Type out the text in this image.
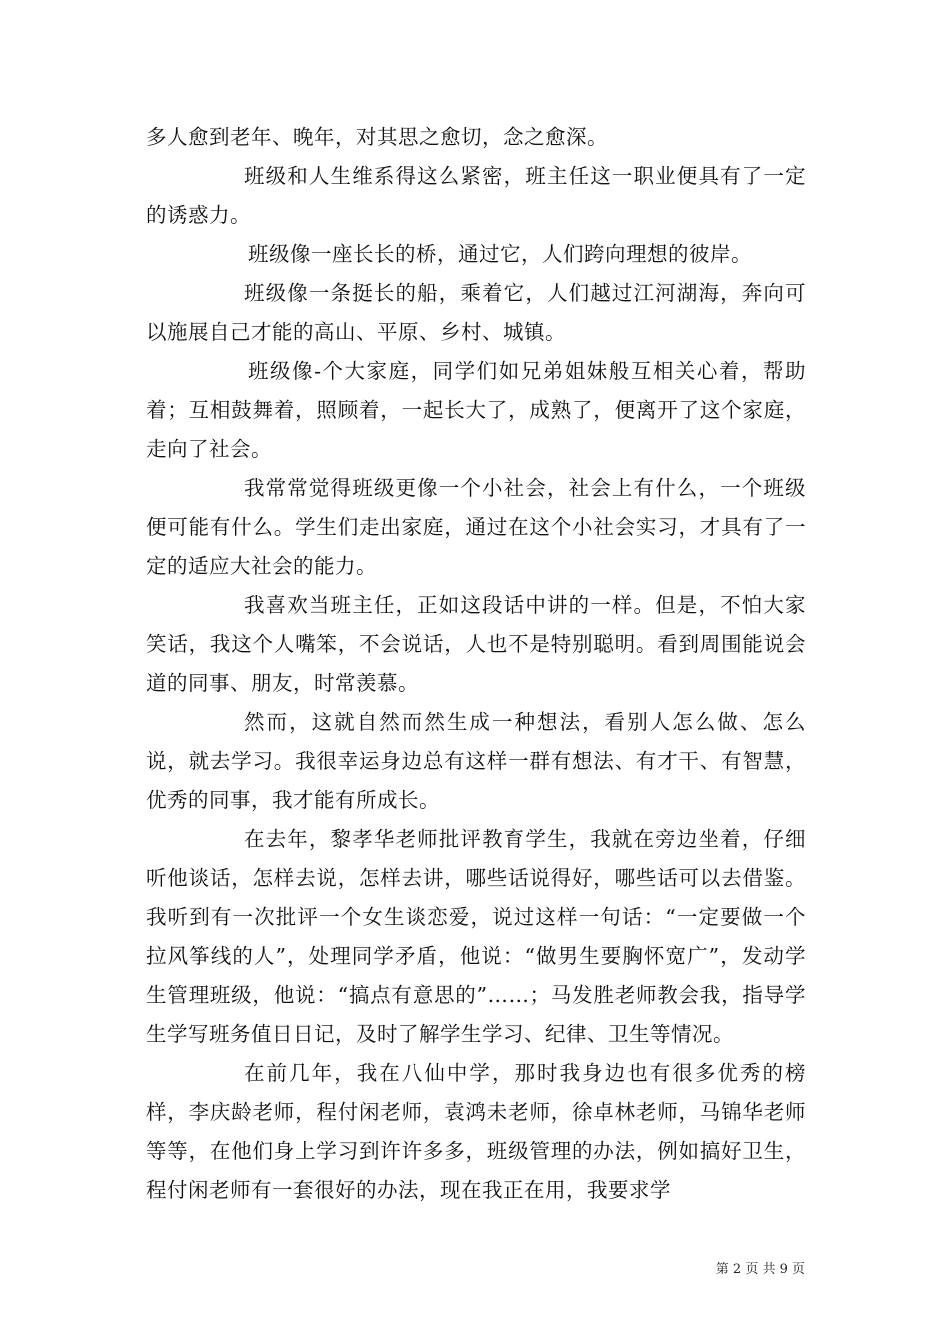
多人愈到老年、晚年，对其思之愈切，念之愈深。

班级和人生维系得这么紧密，班主任这一职业便具有了一定的诱惑力。

班级像一座长长的桥，通过它，人们跨向理想的彼岸。

班级像一条挺长的船，乘着它，人们越过江河湖海，奔向可以施展自己才能的高山、平原、乡村、城镇。

班级像-个大家庭，同学们如兄弟姐妹般互相关心着，帮助着；互相鼓舞着，照顾着，一起长大了，成熟了，便离开了这个家庭，走向了社会。

我常常觉得班级更像一个小社会，社会上有什么，一个班级便可能有什么。学生们走出家庭，通过在这个小社会实习，才具有了一定的适应大社会的能力。

我喜欢当班主任，正如这段话中讲的一样。但是，不怕大家笑话，我这个人嘴笨，不会说话，人也不是特别聪明。看到周围能说会道的同事、朋友，时常羡慕。

然而，这就自然而然生成一种想法，看别人怎么做、怎么说，就去学习。我很幸运身边总有这样一群有想法、有才干、有智慧，优秀的同事，我才能有所成长。

在去年，黎孝华老师批评教育学生，我就在旁边坐着，仔细听他谈话，怎样去说，怎样去讲，哪些话说得好，哪些话可以去借鉴。我听到有一次批评一个女生谈恋爱，说过这样一句话：“一定要做一个拉风筝线的人”，处理同学矛盾，他说：“做男生要胸怀宽广”，发动学生管理班级，他说：“搞点有意思的”……；马发胜老师教会我，指导学生学写班务值日日记，及时了解学生学习、纪律、卫生等情况。

在前几年，我在八仙中学，那时我身边也有很多优秀的榜样，李庆龄老师，程付闲老师，袁鸿未老师，徐卓林老师，马锦华老师等等，在他们身上学习到许许多多，班级管理的办法，例如搞好卫生，程付闲老师有一套很好的办法，现在我正在用，我要求学

第 2 页 共 9 页
